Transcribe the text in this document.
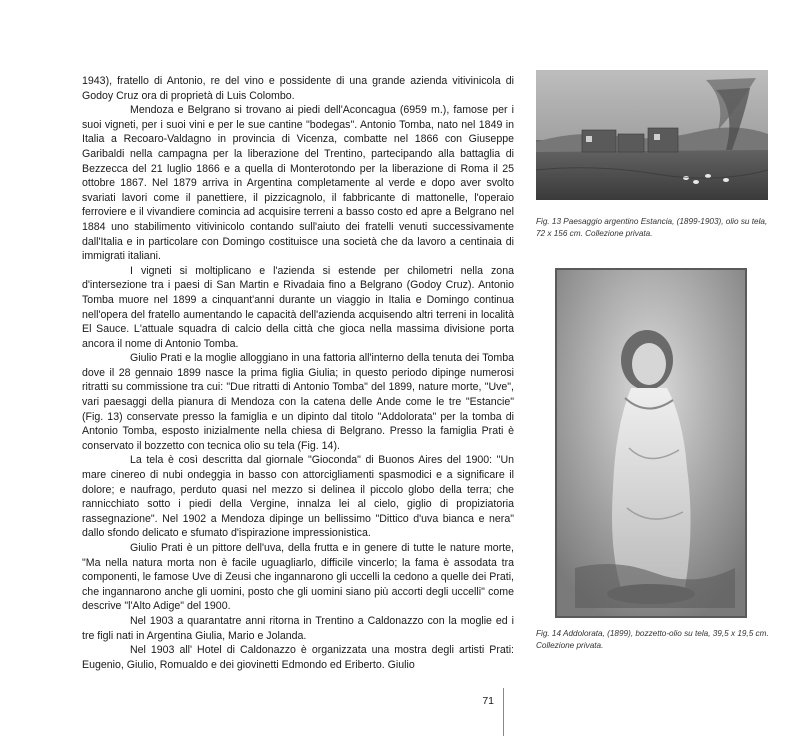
1943), fratello di Antonio, re del vino e possidente di una grande azienda vitivinicola di Godoy Cruz ora di proprietà di Luis Colombo.

Mendoza e Belgrano si trovano ai piedi dell'Aconcagua (6959 m.), famose per i suoi vigneti, per i suoi vini e per le sue cantine "bodegas". Antonio Tomba, nato nel 1849 in Italia a Recoaro-Valdagno in provincia di Vicenza, combatte nel 1866 con Giuseppe Garibaldi nella campagna per la liberazione del Trentino, partecipando alla battaglia di Bezzecca del 21 luglio 1866 e a quella di Monterotondo per la liberazione di Roma il 25 ottobre 1867. Nel 1879 arriva in Argentina completamente al verde e dopo aver svolto svariati lavori come il panettiere, il pizzicagnolo, il fabbricante di mattonelle, l'operaio ferroviere e il vivandiere comincia ad acquisire terreni a basso costo ed apre a Belgrano nel 1884 uno stabilimento vitivinicolo contando sull'aiuto dei fratelli venuti successivamente dall'Italia e in particolare con Domingo costituisce una società che da lavoro a centinaia di immigrati italiani.

I vigneti si moltiplicano e l'azienda si estende per chilometri nella zona d'intersezione tra i paesi di San Martin e Rivadaia fino a Belgrano (Godoy Cruz). Antonio Tomba muore nel 1899 a cinquant'anni durante un viaggio in Italia e Domingo continua nell'opera del fratello aumentando le capacità dell'azienda acquisendo altri terreni in località El Sauce. L'attuale squadra di calcio della città che gioca nella massima divisione porta ancora il nome di Antonio Tomba.

Giulio Prati e la moglie alloggiano in una fattoria all'interno della tenuta dei Tomba dove il 28 gennaio 1899 nasce la prima figlia Giulia; in questo periodo dipinge numerosi ritratti su commissione tra cui: "Due ritratti di Antonio Tomba" del 1899, nature morte, "Uve", vari paesaggi della pianura di Mendoza con la catena delle Ande come le tre "Estancie" (Fig. 13) conservate presso la famiglia e un dipinto dal titolo "Addolorata" per la tomba di Antonio Tomba, esposto inizialmente nella chiesa di Belgrano. Presso la famiglia Prati è conservato il bozzetto con tecnica olio su tela (Fig. 14).

La tela è così descritta dal giornale "Gioconda" di Buonos Aires del 1900: "Un mare cinereo di nubi ondeggia in basso con attorcigliamenti spasmodici e a significare il dolore; e naufrago, perduto quasi nel mezzo si delinea il piccolo globo della terra; che rannicchiato sotto i piedi della Vergine, innalza lei al cielo, giglio di propiziatoria rassegnazione". Nel 1902 a Mendoza dipinge un bellissimo "Dittico d'uva bianca e nera" dallo sfondo delicato e sfumato d'ispirazione impressionistica.

Giulio Prati è un pittore dell'uva, della frutta e in genere di tutte le nature morte, "Ma nella natura morta non è facile uguagliarlo, difficile vincerlo; la fama è assodata tra componenti, le famose Uve di Zeusi che ingannarono gli uccelli la cedono a quelle dei Prati, che ingannarono anche gli uomini, posto che gli uomini siano più accorti degli uccelli" come descrive "l'Alto Adige" del 1900.

Nel 1903 a quarantatre anni ritorna in Trentino a Caldonazzo con la moglie ed i tre figli nati in Argentina Giulia, Mario e Jolanda.

Nel 1903 all' Hotel di Caldonazzo è organizzata una mostra degli artisti Prati: Eugenio, Giulio, Romualdo e dei giovinetti Edmondo ed Eriberto. Giulio

Fig. 13 Paesaggio argentino Estancia, (1899-1903), olio su tela, 72 x 156 cm. Collezione privata.
Fig. 14 Addolorata, (1899), bozzetto-olio su tela, 39,5 x 19,5 cm. Collezione privata.
71
